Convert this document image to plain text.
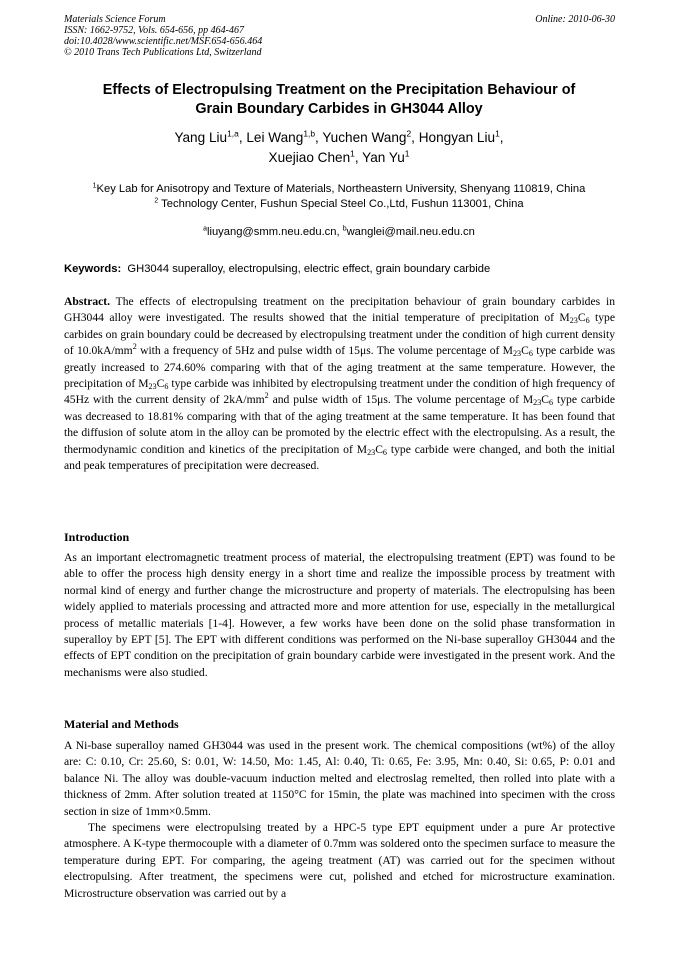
Materials Science Forum
ISSN: 1662-9752, Vols. 654-656, pp 464-467
doi:10.4028/www.scientific.net/MSF.654-656.464
© 2010 Trans Tech Publications Ltd, Switzerland
Online: 2010-06-30
Effects of Electropulsing Treatment on the Precipitation Behaviour of
Grain Boundary Carbides in GH3044 Alloy
Yang Liu$^{1,a}$, Lei Wang$^{1,b}$, Yuchen Wang$^2$, Hongyan Liu$^1$,
Xuejiao Chen$^1$, Yan Yu$^1$
$^1$Key Lab for Anisotropy and Texture of Materials, Northeastern University, Shenyang 110819, China
$^2$ Technology Center, Fushun Special Steel Co.,Ltd, Fushun 113001, China
$^a$liuyang@smm.neu.edu.cn, $^b$wanglei@mail.neu.edu.cn
Keywords: GH3044 superalloy, electropulsing, electric effect, grain boundary carbide
Abstract. The effects of electropulsing treatment on the precipitation behaviour of grain boundary carbides in GH3044 alloy were investigated. The results showed that the initial temperature of precipitation of $M_{23}C_6$ type carbides on grain boundary could be decreased by electropulsing treatment under the condition of high current density of $10.0kA/mm^2$ with a frequency of 5Hz and pulse width of 15μs. The volume percentage of $M_{23}C_6$ type carbide was greatly increased to 274.60% comparing with that of the aging treatment at the same temperature. However, the precipitation of $M_{23}C_6$ type carbide was inhibited by electropulsing treatment under the condition of high frequency of 45Hz with the current density of $2kA/mm^2$ and pulse width of 15μs. The volume percentage of $M_{23}C_6$ type carbide was decreased to 18.81% comparing with that of the aging treatment at the same temperature. It has been found that the diffusion of solute atom in the alloy can be promoted by the electric effect with the electropulsing. As a result, the thermodynamic condition and kinetics of the precipitation of $M_{23}C_6$ type carbide were changed, and both the initial and peak temperatures of precipitation were decreased.
Introduction
As an important electromagnetic treatment process of material, the electropulsing treatment (EPT) was found to be able to offer the process high density energy in a short time and realize the impossible process by treatment with normal kind of energy and further change the microstructure and property of materials. The electropulsing has been widely applied to materials processing and attracted more and more attention for use, especially in the metallurgical process of metallic materials [1-4]. However, a few works have been done on the solid phase transformation in superalloy by EPT [5]. The EPT with different conditions was performed on the Ni-base superalloy GH3044 and the effects of EPT condition on the precipitation of grain boundary carbide were investigated in the present work. And the mechanisms were also studied.
Material and Methods
A Ni-base superalloy named GH3044 was used in the present work. The chemical compositions (wt%) of the alloy are: C: 0.10, Cr: 25.60, S: 0.01, W: 14.50, Mo: 1.45, Al: 0.40, Ti: 0.65, Fe: 3.95, Mn: 0.40, Si: 0.65, P: 0.01 and balance Ni. The alloy was double-vacuum induction melted and electroslag remelted, then rolled into plate with a thickness of 2mm. After solution treated at 1150°C for 15min, the plate was machined into specimen with the cross section in size of 1mm×0.5mm.
The specimens were electropulsing treated by a HPC-5 type EPT equipment under a pure Ar protective atmosphere. A K-type thermocouple with a diameter of 0.7mm was soldered onto the specimen surface to measure the temperature during EPT. For comparing, the ageing treatment (AT) was carried out for the specimen without electropulsing. After treatment, the specimens were cut, polished and etched for microstructure examination. Microstructure observation was carried out by a
